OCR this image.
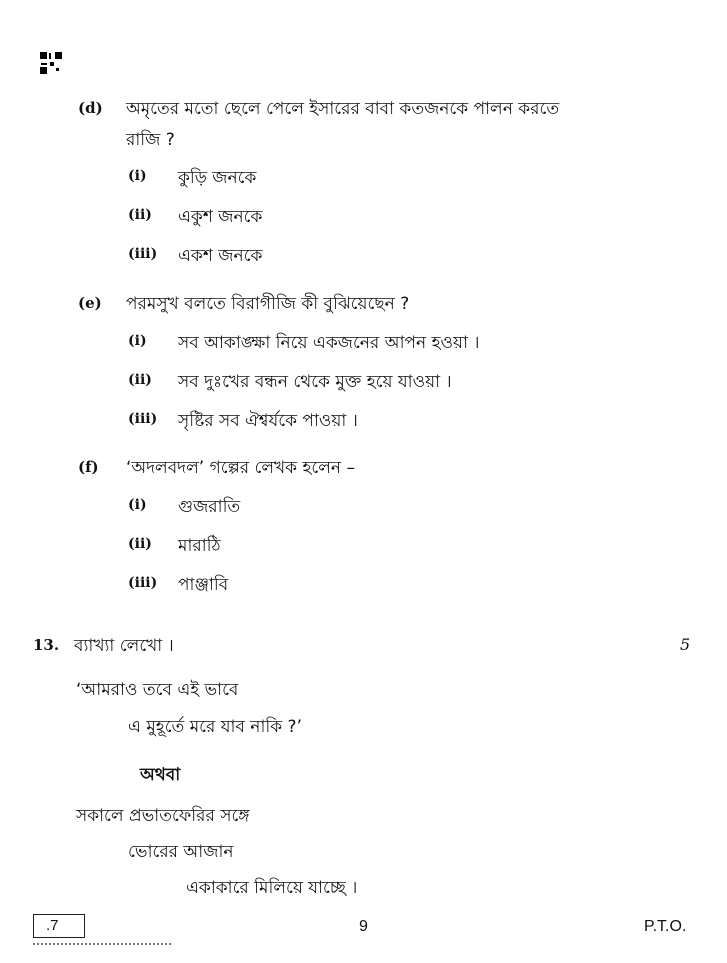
(d) অমৃতের মতো ছেলে পেলে ইসারের বাবা কতজনকে পালন করতে
রাজি ?
(i) কুড়ি জনকে
(ii) একুশ জনকে
(iii) একশ জনকে
(e) পরমসুখ বলতে বিরাগীজি কী বুঝিয়েছেন ?
(i) সব আকাঙ্ক্ষা নিয়ে একজনের আপন হওয়া ।
(ii) সব দুঃখের বন্ধন থেকে মুক্ত হয়ে যাওয়া ।
(iii) সৃষ্টির সব ঐশ্বর্যকে পাওয়া ।
(f) ‘অদলবদল’ গল্পের লেখক হলেন –
(i) গুজরাতি
(ii) মারাঠি
(iii) পাঞ্জাবি
13. ব্যাখ্যা লেখো ।	5
‘আমরাও তবে এই ভাবে
এ মুহূর্তে মরে যাব নাকি ?’
অথবা
সকালে প্রভাতফেরির সঙ্গে
ভোরের আজান
একাকারে মিলিয়ে যাচ্ছে ।
.7	9	P.T.O.
